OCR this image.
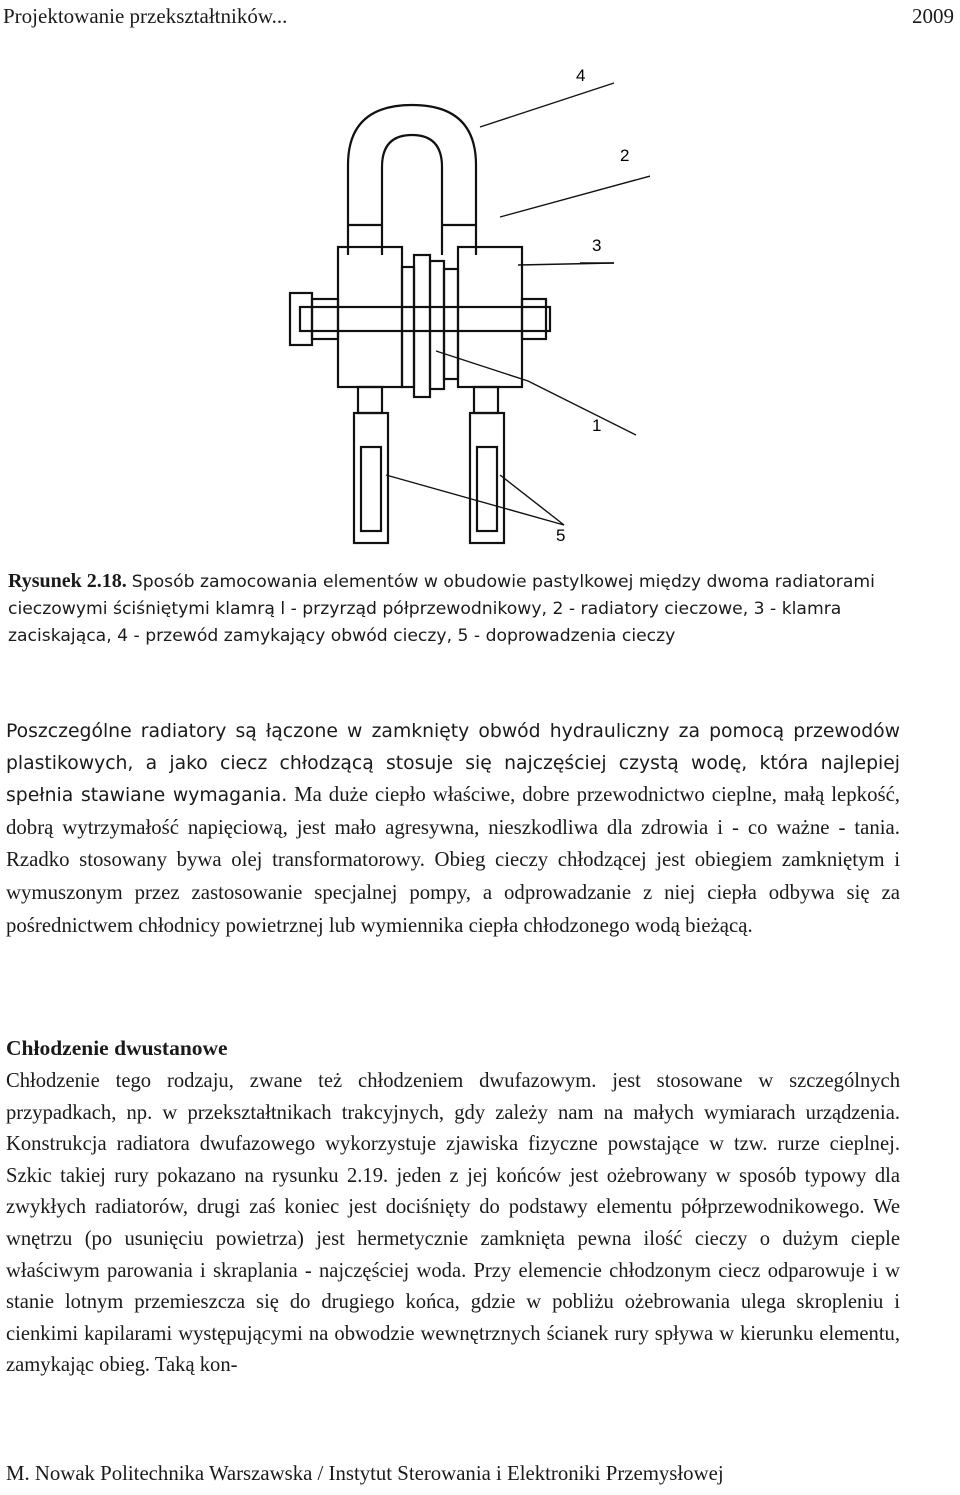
Projektowanie przekształtników...	2009
4
2
3
1
5
Rysunek 2.18. Sposób zamocowania elementów w obudowie pastylkowej między dwoma radiatorami cieczowymi ściśniętymi klamrą l - przyrząd półprzewodnikowy, 2 - radiatory cieczowe, 3 - klamra zaciskająca, 4 - przewód zamykający obwód cieczy, 5 - doprowadzenia cieczy
Poszczególne radiatory są łączone w zamknięty obwód hydrauliczny za pomocą przewodów plastikowych, a jako ciecz chłodzącą stosuje się najczęściej czystą wodę, która najlepiej spełnia stawiane wymagania. Ma duże ciepło właściwe, dobre przewodnictwo cieplne, małą lepkość, dobrą wytrzymałość napięciową, jest mało agresywna, nieszkodliwa dla zdrowia i - co ważne - tania. Rzadko stosowany bywa olej transformatorowy. Obieg cieczy chłodzącej jest obiegiem zamkniętym i wymuszonym przez zastosowanie specjalnej pompy, a odprowadzanie z niej ciepła odbywa się za pośrednictwem chłodnicy powietrznej lub wymiennika ciepła chłodzonego wodą bieżącą.
Chłodzenie dwustanowe
Chłodzenie tego rodzaju, zwane też chłodzeniem dwufazowym. jest stosowane w szczególnych przypadkach, np. w przekształtnikach trakcyjnych, gdy zależy nam na małych wymiarach urządzenia. Konstrukcja radiatora dwufazowego wykorzystuje zjawiska fizyczne powstające w tzw. rurze cieplnej. Szkic takiej rury pokazano na rysunku 2.19. jeden z jej końców jest ożebrowany w sposób typowy dla zwykłych radiatorów, drugi zaś koniec jest dociśnięty do podstawy elementu półprzewodnikowego. We wnętrzu (po usunięciu powietrza) jest hermetycznie zamknięta pewna ilość cieczy o dużym cieple właściwym parowania i skraplania - najczęściej woda. Przy elemencie chłodzonym ciecz odparowuje i w stanie lotnym przemieszcza się do drugiego końca, gdzie w pobliżu ożebrowania ulega skropleniu i cienkimi kapilarami występującymi na obwodzie wewnętrznych ścianek rury spływa w kierunku elementu, zamykając obieg. Taką kon-
M. Nowak Politechnika Warszawska / Instytut Sterowania i Elektroniki Przemysłowej
